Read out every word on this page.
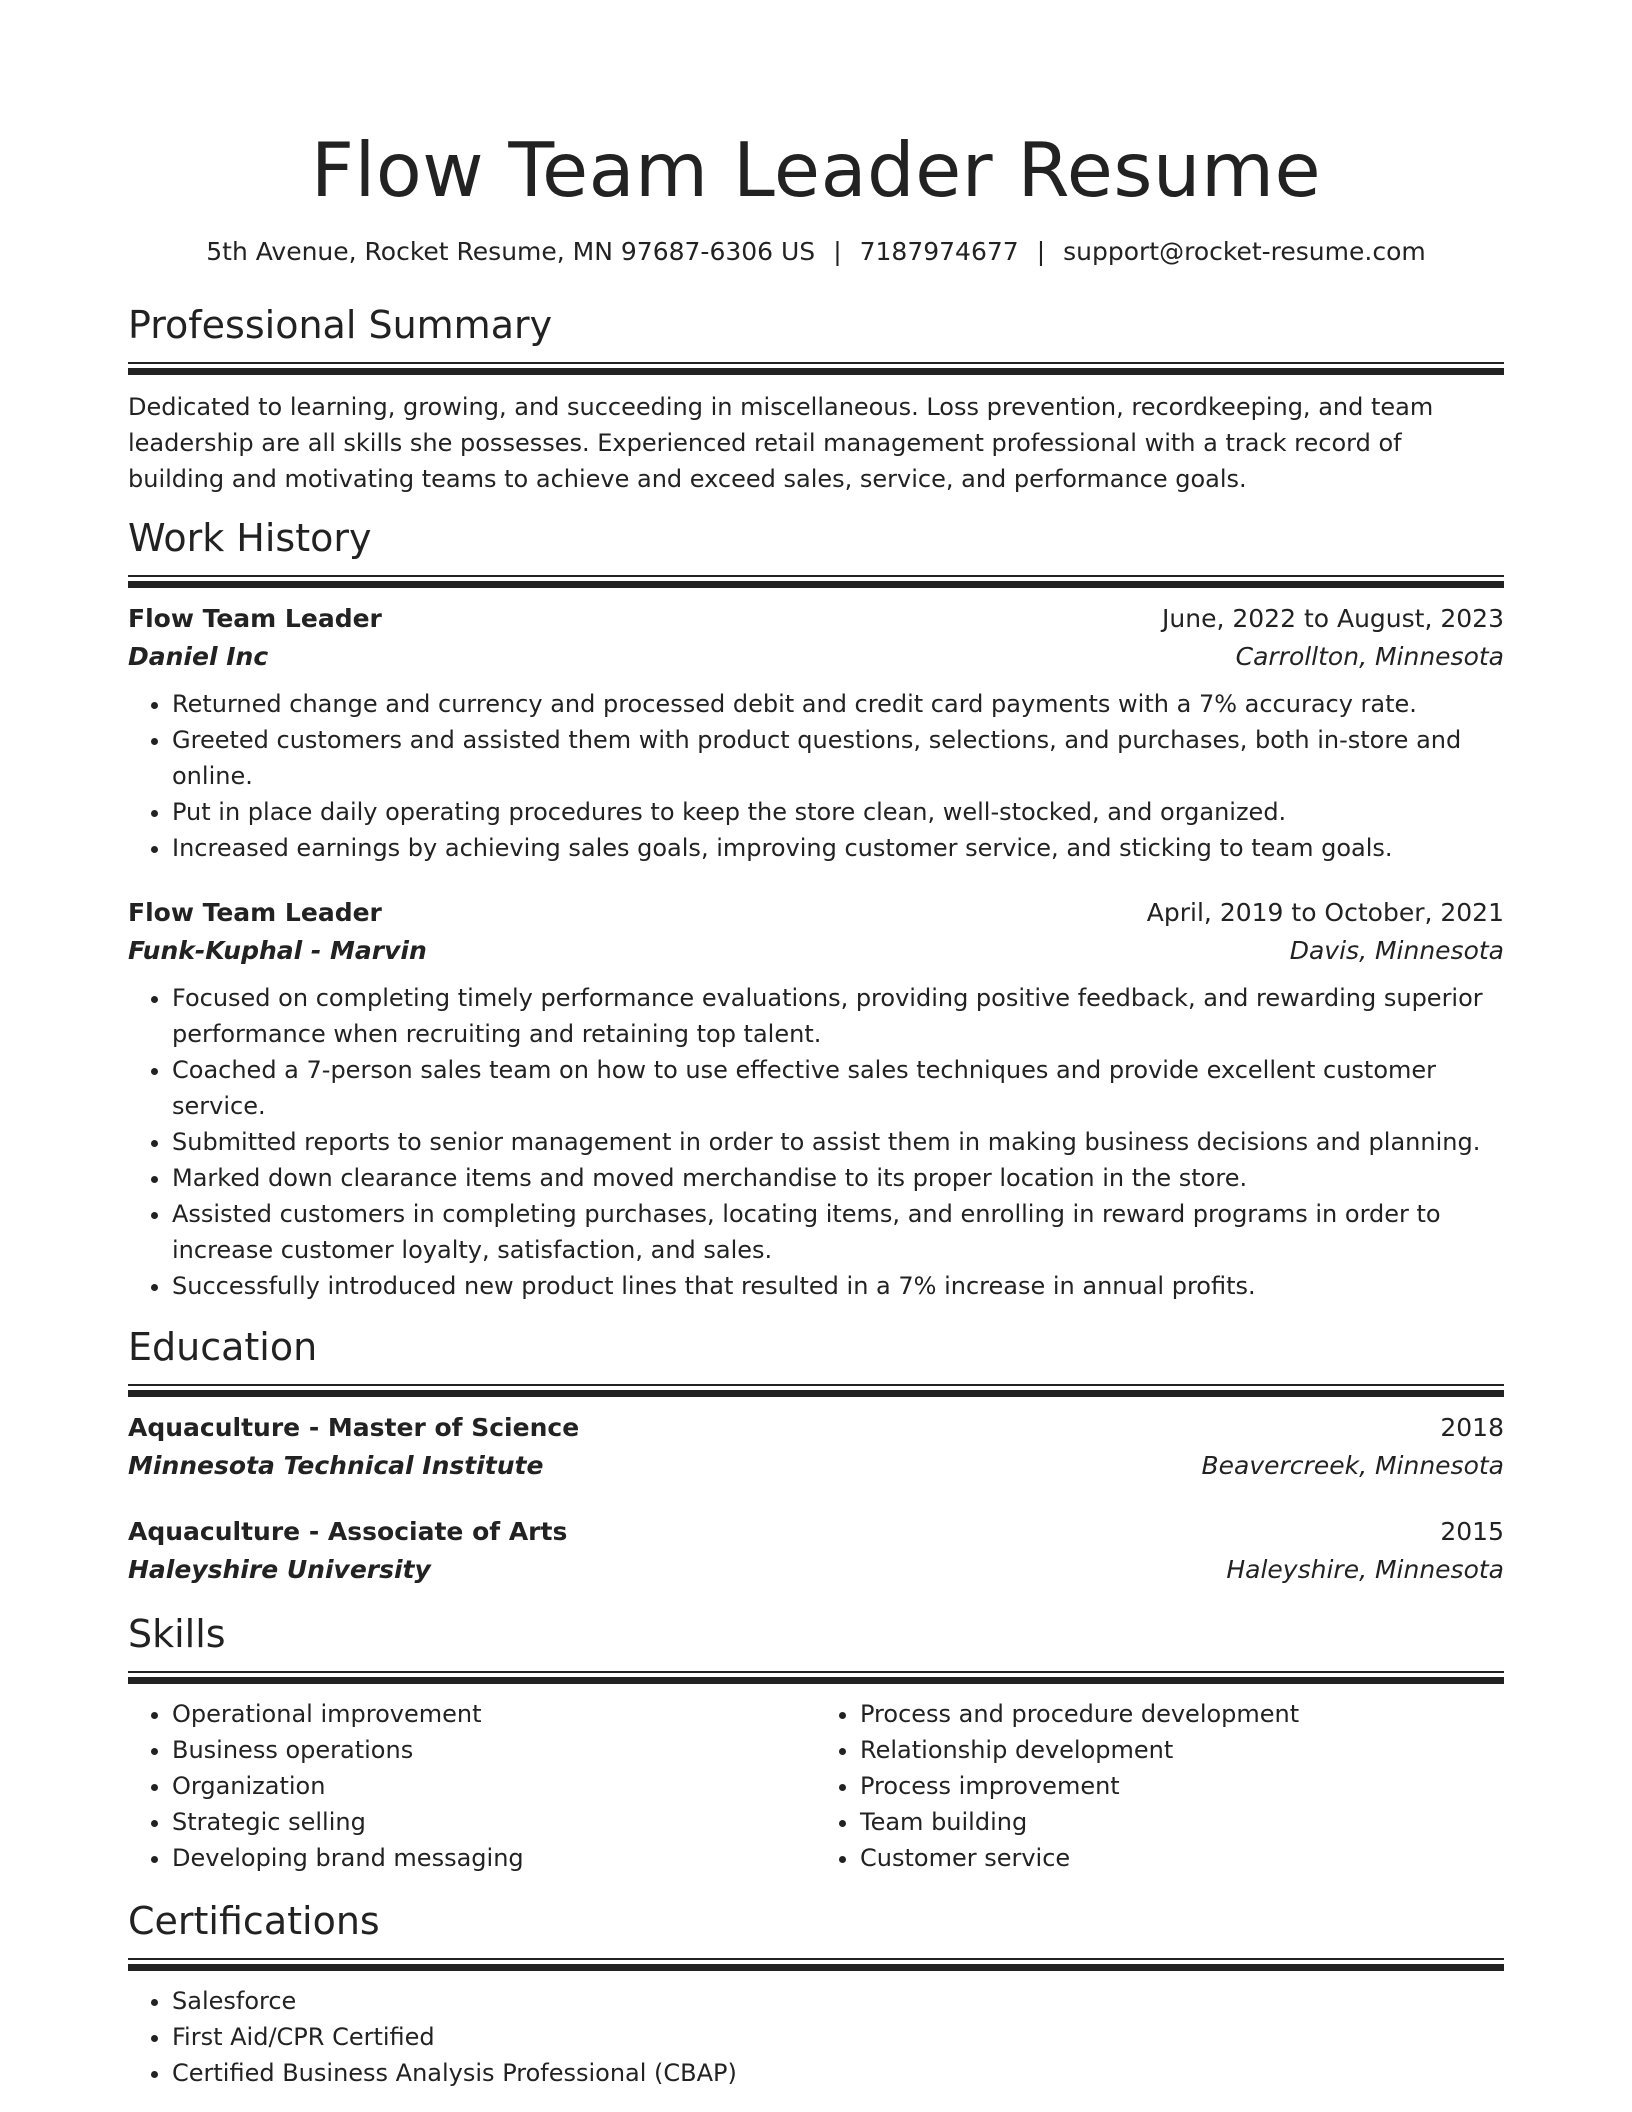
Flow Team Leader Resume
5th Avenue, Rocket Resume, MN 97687-6306 US | 7187974677 | support@rocket-resume.com
Professional Summary
Dedicated to learning, growing, and succeeding in miscellaneous. Loss prevention, recordkeeping, and team leadership are all skills she possesses. Experienced retail management professional with a track record of building and motivating teams to achieve and exceed sales, service, and performance goals.
Work History
Flow Team Leader	June, 2022 to August, 2023
Daniel Inc	Carrollton, Minnesota
• Returned change and currency and processed debit and credit card payments with a 7% accuracy rate.
• Greeted customers and assisted them with product questions, selections, and purchases, both in-store and online.
• Put in place daily operating procedures to keep the store clean, well-stocked, and organized.
• Increased earnings by achieving sales goals, improving customer service, and sticking to team goals.
Flow Team Leader	April, 2019 to October, 2021
Funk-Kuphal - Marvin	Davis, Minnesota
• Focused on completing timely performance evaluations, providing positive feedback, and rewarding superior performance when recruiting and retaining top talent.
• Coached a 7-person sales team on how to use effective sales techniques and provide excellent customer service.
• Submitted reports to senior management in order to assist them in making business decisions and planning.
• Marked down clearance items and moved merchandise to its proper location in the store.
• Assisted customers in completing purchases, locating items, and enrolling in reward programs in order to increase customer loyalty, satisfaction, and sales.
• Successfully introduced new product lines that resulted in a 7% increase in annual profits.
Education
Aquaculture - Master of Science	2018
Minnesota Technical Institute	Beavercreek, Minnesota
Aquaculture - Associate of Arts	2015
Haleyshire University	Haleyshire, Minnesota
Skills
• Operational improvement
• Business operations
• Organization
• Strategic selling
• Developing brand messaging
• Process and procedure development
• Relationship development
• Process improvement
• Team building
• Customer service
Certifications
• Salesforce
• First Aid/CPR Certified
• Certified Business Analysis Professional (CBAP)
